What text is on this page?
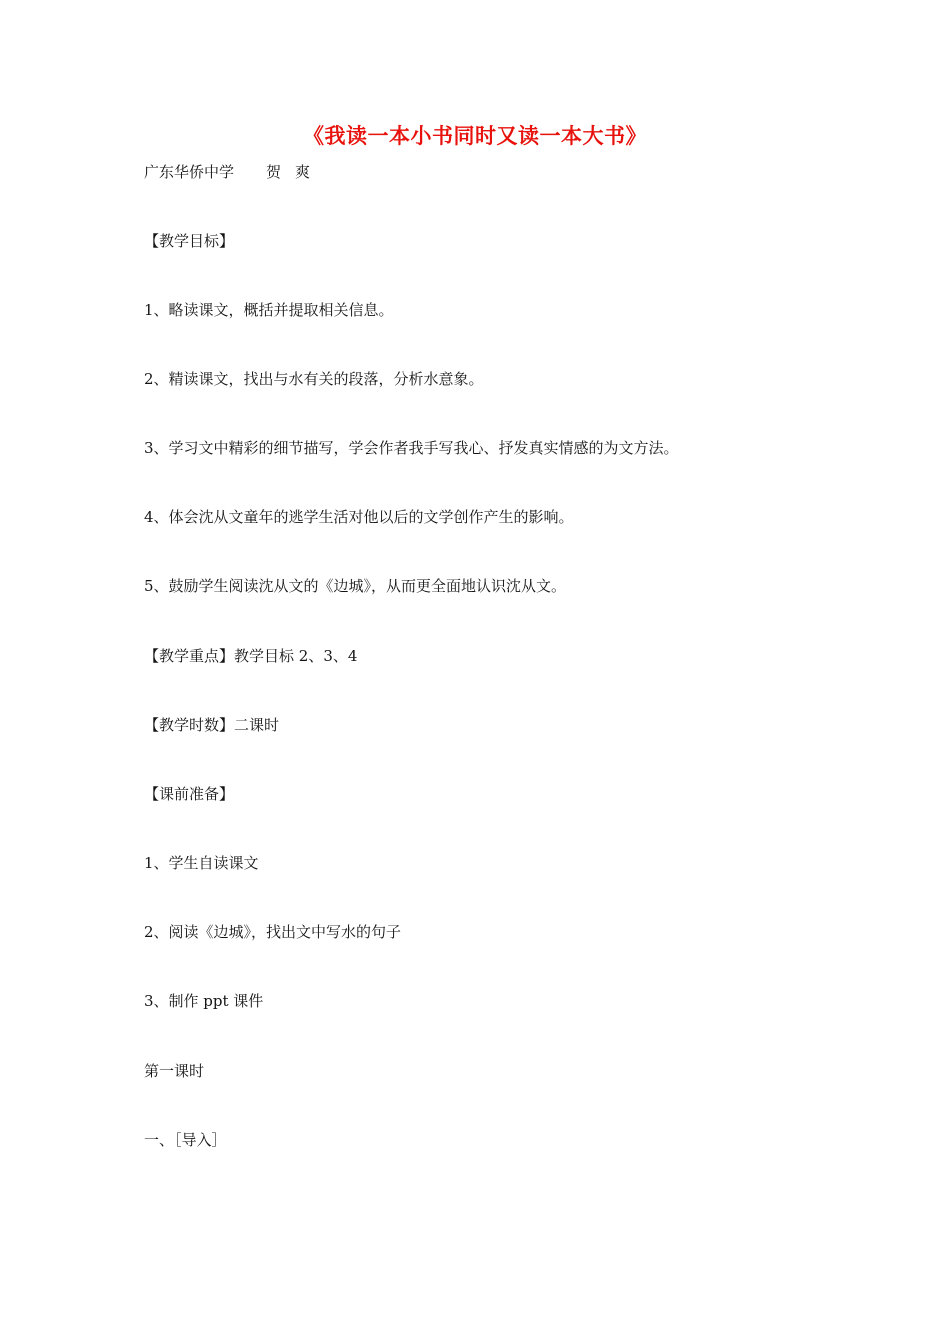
《我读一本小书同时又读一本大书》
广东华侨中学 贺 爽
【教学目标】
1、略读课文，概括并提取相关信息。
2、精读课文，找出与水有关的段落，分析水意象。
3、学习文中精彩的细节描写，学会作者我手写我心、抒发真实情感的为文方法。
4、体会沈从文童年的逃学生活对他以后的文学创作产生的影响。
5、鼓励学生阅读沈从文的《边城》，从而更全面地认识沈从文。
【教学重点】教学目标 2、3、4
【教学时数】二课时
【课前准备】
1、学生自读课文
2、阅读《边城》，找出文中写水的句子
3、制作 ppt 课件
第一课时
一、［导入］
